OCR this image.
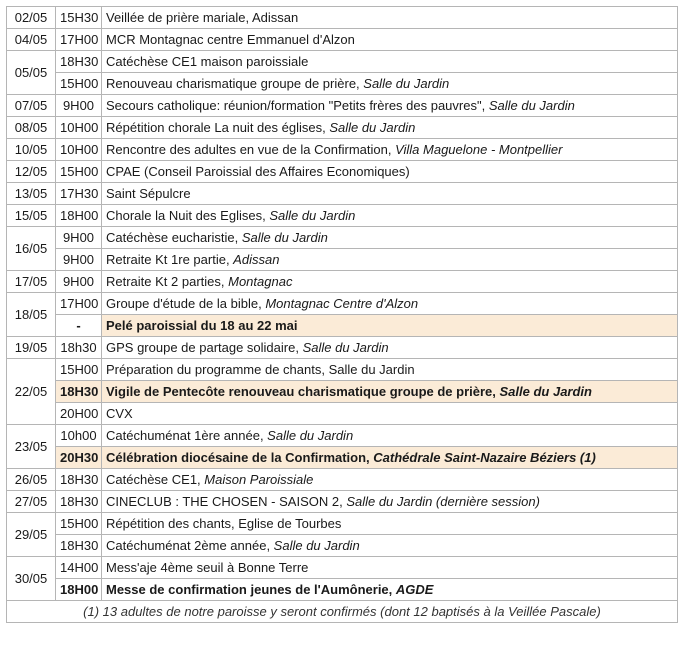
02/05	15H30	Veillée de prière mariale, Adissan
04/05	17H00	MCR Montagnac centre Emmanuel d'Alzon
05/05	18H30	Catéchèse CE1 maison paroissiale
	15H00	Renouveau charismatique groupe de prière, Salle du Jardin
07/05	9H00	Secours catholique: réunion/formation "Petits frères des pauvres", Salle du Jardin
08/05	10H00	Répétition chorale La nuit des églises, Salle du Jardin
10/05	10H00	Rencontre des adultes en vue de la Confirmation, Villa Maguelone - Montpellier
12/05	15H00	CPAE (Conseil Paroissial des Affaires Economiques)
13/05	17H30	Saint Sépulcre
15/05	18H00	Chorale la Nuit des Eglises, Salle du Jardin
16/05	9H00	Catéchèse eucharistie, Salle du Jardin
	9H00	Retraite Kt 1re partie, Adissan
17/05	9H00	Retraite Kt 2 parties, Montagnac
18/05	17H00	Groupe d'étude de la bible, Montagnac Centre d'Alzon
	-	Pelé paroissial du 18 au 22 mai
19/05	18h30	GPS groupe de partage solidaire, Salle du Jardin
22/05	15H00	Préparation du programme de chants, Salle du Jardin
	18H30	Vigile de Pentecôte renouveau charismatique groupe de prière, Salle du Jardin
	20H00	CVX
23/05	10h00	Catéchuménat 1ère année, Salle du Jardin
	20H30	Célébration diocésaine de la Confirmation, Cathédrale Saint-Nazaire Béziers (1)
26/05	18H30	Catéchèse CE1, Maison Paroissiale
27/05	18H30	CINECLUB : THE CHOSEN - SAISON 2, Salle du Jardin (dernière session)
29/05	15H00	Répétition des chants, Eglise de Tourbes
	18H30	Catéchuménat 2ème année, Salle du Jardin
30/05	14H00	Mess'aje 4ème seuil à Bonne Terre
	18H00	Messe de confirmation jeunes de l'Aumônerie, AGDE
(1) 13 adultes de notre paroisse y seront confirmés (dont 12 baptisés à la Veillée Pascale)		
